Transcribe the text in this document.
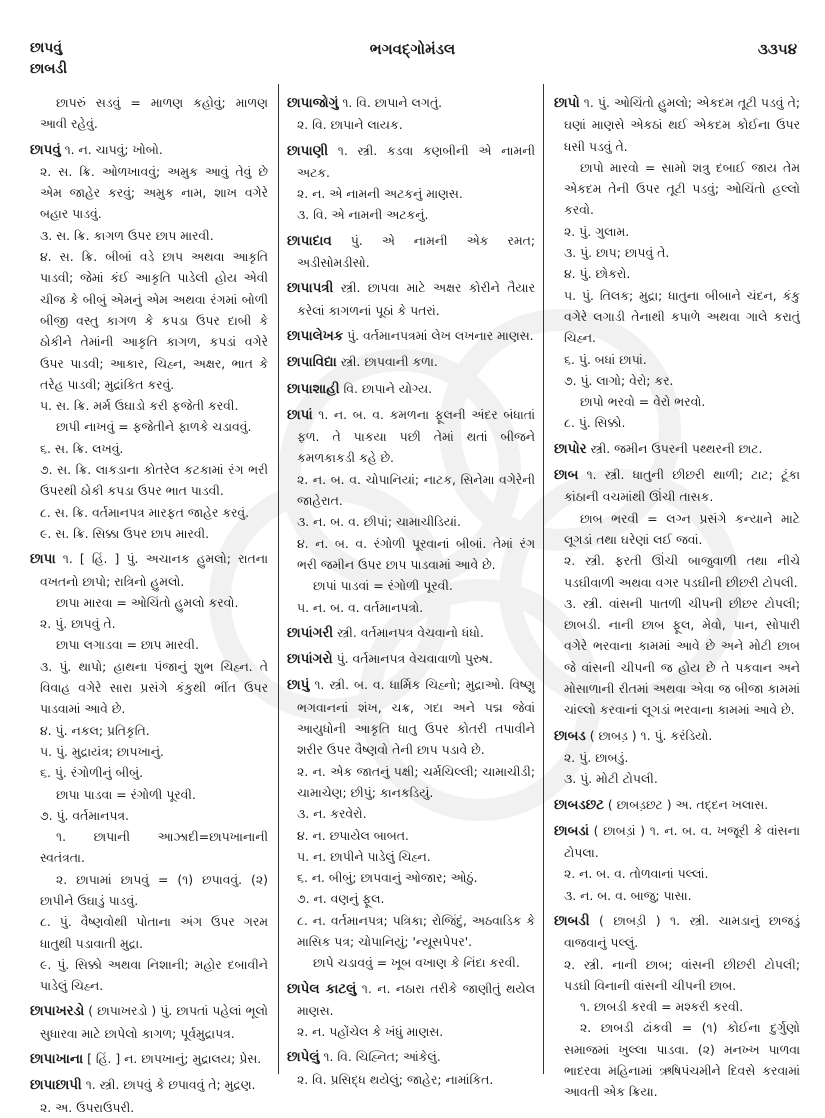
છાપવું
છાબડી
ભગવદ્ગોમંડલ	૩૩૫૪
છાપરું સડવું = માળણ કહોવું; માળણ આવી રહેવું.
છાપવું ૧. ન. ચાપવું; ખોબો.
૨. સ. ક્રિ. ઓળખાવવું; અમુક આવું તેવું છે એમ જાહેર કરવું; અમુક નામ, શાખ વગેરે બહાર પાડવું.
૩. સ. ક્રિ. કાગળ ઉપર છાપ મારવી.
૪. સ. ક્રિ. બીબાં વડે છાપ અથવા આકૃતિ પાડવી; જેમાં કંઈ આકૃતિ પાડેલી હોય એવી ચીજ કે બીબું એમનું એમ અથવા રંગમાં બોળી બીજી વસ્તુ કાગળ કે કપડા ઉપર દાબી કે ઠોકીને તેમાંની આકૃતિ કાગળ, કપડાં વગેરે ઉપર પાડવી; આકાર, ચિહ્ન, અક્ષર, ભાત કે તરેહ પાડવી; મુદ્રાંકિત કરવું.
૫. સ. ક્રિ. મર્મ ઉઘાડો કરી ફજેતી કરવી.
છાપી નાખવું = ફજેતીને ફાળકે ચડાવવું.
૬. સ. ક્રિ. લખવું.
૭. સ. ક્રિ. લાકડાના કોતરેલ કટકામાં રંગ ભરી ઉપરથી ઠોકી કપડા ઉપર ભાત પાડવી.
૮. સ. ક્રિ. વર્તમાનપત્ર મારફત જાહેર કરવું.
૯. સ. ક્રિ. સિક્કા ઉપર છાપ મારવી.
છાપા ૧. [ હિં. ] પું. અચાનક હુમલો; રાતના વખતનો છાપો; રાત્રિનો હુમલો.
છાપા મારવા = ઓચિંતો હુમલો કરવો.
૨. પું. છાપવું તે.
છાપા લગાડવા = છાપ મારવી.
૩. પું. થાપો; હાથના પંજાનું શુભ ચિહ્ન. તે વિવાહ વગેરે સારા પ્રસંગે કંકુથી ભીંત ઉપર પાડવામાં આવે છે.
૪. પું. નકલ; પ્રતિકૃતિ.
૫. પું. મુદ્રાયંત્ર; છાપખાનું.
૬. પું. રંગોળીનું બીબું.
છાપા પાડવા = રંગોળી પૂરવી.
૭. પું. વર્તમાનપત્ર.
૧. છાપાની આઝાદી=છાપખાનાની સ્વતંત્રતા.
૨. છાપામાં છાપવું = (૧) છપાવવું. (૨) છાપીને ઉઘાડું પાડવું.
૮. પું. વૈષ્ણવોથી પોતાના અંગ ઉપર ગરમ ધાતુથી પડાવાતી મુદ્રા.
૯. પું. સિક્કો અથવા નિશાની; મહોર દબાવીને પાડેલું ચિહ્ન.
છાપાખરડો ( છાપાખરડો ) પું. છાપતાં પહેલાં ભૂલો સુધારવા માટે છાપેલો કાગળ; પૂર્વમુદ્રાપત્ર.
છાપાખાના [ હિં. ] ન. છાપખાનું; મુદ્રાલય; પ્રેસ.
છાપાછાપી ૧. સ્ત્રી. છાપવું કે છપાવવું તે; મુદ્રણ.
૨. અ. ઉપરાઉપરી.
છાપાજોગું ૧. વિ. છાપાને લગતું.
૨. વિ. છાપાને લાયક.
છાપાણી ૧. સ્ત્રી. કડવા કણબીની એ નામની અટક.
૨. ન. એ નામની અટકનું માણસ.
૩. વિ. એ નામની અટકનું.
છાપાદાવ પું. એ નામની એક રમત; અડીસોમડીસો.
છાપાપત્રી સ્ત્રી. છાપવા માટે અક્ષર કોરીને તૈયાર કરેલાં કાગળનાં પૂઠાં કે પતરાં.
છાપાલેખક પું. વર્તમાનપત્રમાં લેખ લખનાર માણસ.
છાપાવિદ્યા સ્ત્રી. છાપવાની કળા.
છાપાશાહી વિ. છાપાને યોગ્ય.
છાપાં ૧. ન. બ. વ. કમળના ફૂલની અંદર બંધાતાં ફળ. તે પાકયા પછી તેમાં થતાં બીજને કમળકાકડી કહે છે.
૨. ન. બ. વ. ચોપાનિયાં; નાટક, સિનેમા વગેરેની જાહેરાત.
૩. ન. બ. વ. છીપાં; ચામાચીડિયાં.
૪. ન. બ. વ. રંગોળી પૂરવાનાં બીબાં. તેમાં રંગ ભરી જમીન ઉપર છાપ પાડવામાં આવે છે.
છાપાં પાડવાં = રંગોળી પૂરવી.
૫. ન. બ. વ. વર્તમાનપત્રો.
છાપાંગરી સ્ત્રી. વર્તમાનપત્ર વેચવાનો ધંધો.
છાપાંગરો પું. વર્તમાનપત્ર વેચવાવાળો પુરુષ.
છાપું ૧. સ્ત્રી. બ. વ. ધાર્મિક ચિહ્નો; મુદ્રાઓ. વિષ્ણુ ભગવાનનાં શંખ, ચક્ર, ગદા અને પદ્મ જેવાં આયુધોની આકૃતિ ધાતુ ઉપર કોતરી તપાવીને શરીર ઉપર વૈષ્ણવો તેની છાપ પડાવે છે.
૨. ન. એક જાતનું પક્ષી; ચર્મચિલ્લી; ચામાચીડી; ચામાચેણ; છીપું; કાનકડિયું.
૩. ન. કરવેરો.
૪. ન. છપાયેલ બાબત.
૫. ન. છાપીને પાડેલું ચિહ્ન.
૬. ન. બીબું; છાપવાનું ઓજાર; ઓઠું.
૭. ન. વણનું ફૂલ.
૮. ન. વર્તમાનપત્ર; પત્રિકા; રોજિંદું, અઠવાડિક કે માસિક પત્ર; ચોપાનિયું; 'ન્યૂસપેપર'.
છાપે ચડાવવું = ખૂબ વખાણ કે નિંદા કરવી.
છાપેલ કાટલું ૧. ન. નઠારા તરીકે જાણીતું થયેલ માણસ.
૨. ન. પહોંચેલ કે ખંધું માણસ.
છાપેલું ૧. વિ. ચિહ્નિત; આંકેલું.
૨. વિ. પ્રસિદ્ધ થયેલું; જાહેર; નામાંકિત.
છાપો ૧. પું. ઓચિંતો હુમલો; એકદમ તૂટી પડવું તે; ઘણાં માણસે એકઠાં થઈ એકદમ કોઈના ઉપર ધસી પડવું તે.
છાપો મારવો = સામો શત્રુ દબાઈ જાય તેમ એકદમ તેની ઉપર તૂટી પડવું; ઓચિંતો હલ્લો કરવો.
૨. પું. ગુલામ.
૩. પું. છાપ; છાપવું તે.
૪. પું. છોકરો.
૫. પું. તિલક; મુદ્રા; ધાતુના બીબાને ચંદન, કંકુ વગેરે લગાડી તેનાથી કપાળે અથવા ગાલે કરાતું ચિહ્ન.
૬. પું. બધાં છાપાં.
૭. પું. લાગો; વેરો; કર.
છાપો ભરવો = વેરો ભરવો.
૮. પું. સિક્કો.
છાપોર સ્ત્રી. જમીન ઉપરની પથ્થરની છાટ.
છાબ ૧. સ્ત્રી. ધાતુની છીછરી થાળી; ટાટ; ટૂંકા કાંઠાની વચમાંથી ઊંચી તાસક.
છાબ ભરવી = લગ્ન પ્રસંગે કન્યાને માટે લૂગડાં તથા ઘરેણાં લઈ જવાં.
૨. સ્ત્રી. ફરતી ઊંચી બાજુવાળી તથા નીચે પડઘીવાળી અથવા વગર પડઘીની છીછરી ટોપલી.
૩. સ્ત્રી. વાંસની પાતળી ચીપની છીછર ટોપલી; છાબડી. નાની છાબ ફૂલ, મેવો, પાન, સોપારી વગેરે ભરવાના કામમાં આવે છે અને મોટી છાબ જે વાંસની ચીપની જ હોય છે તે પકવાન અને મોસાળાની રીતમાં અથવા એવા જ બીજા કામમાં ચાંલ્લો કરવાનાં લૂગડાં ભરવાના કામમાં આવે છે.
છાબડ ( છાબડ઼ ) ૧. પું. કરંડિયો.
૨. પું. છાબડું.
૩. પું. મોટી ટોપલી.
છાબડછટ ( છાબડ઼છટ ) અ. તદ્દન ખલાસ.
છાબડાં ( છાબડ઼ાં ) ૧. ન. બ. વ. ખજૂરી કે વાંસના ટોપલા.
૨. ન. બ. વ. તોળવાનાં પલ્લાં.
૩. ન. બ. વ. બાજુ; પાસા.
છાબડી ( છાબડ઼ી ) ૧. સ્ત્રી. ચામડાનું છાજડું વાજવાનું પલ્લું.
૨. સ્ત્રી. નાની છાબ; વાંસની છીછરી ટોપલી; પડઘી વિનાની વાંસની ચીપની છાબ.
૧. છાબડી કરવી = મશ્કરી કરવી.
૨. છાબડી ઢાંકવી = (૧) કોઈના દુર્ગુણો સમાજમાં ખુલ્લા પાડવા. (૨) મનખ્ખ પાળવા ભાદરવા મહિનામાં ઋષિપંચમીને દિવસે કરવામાં આવતી એક ક્રિયા.
